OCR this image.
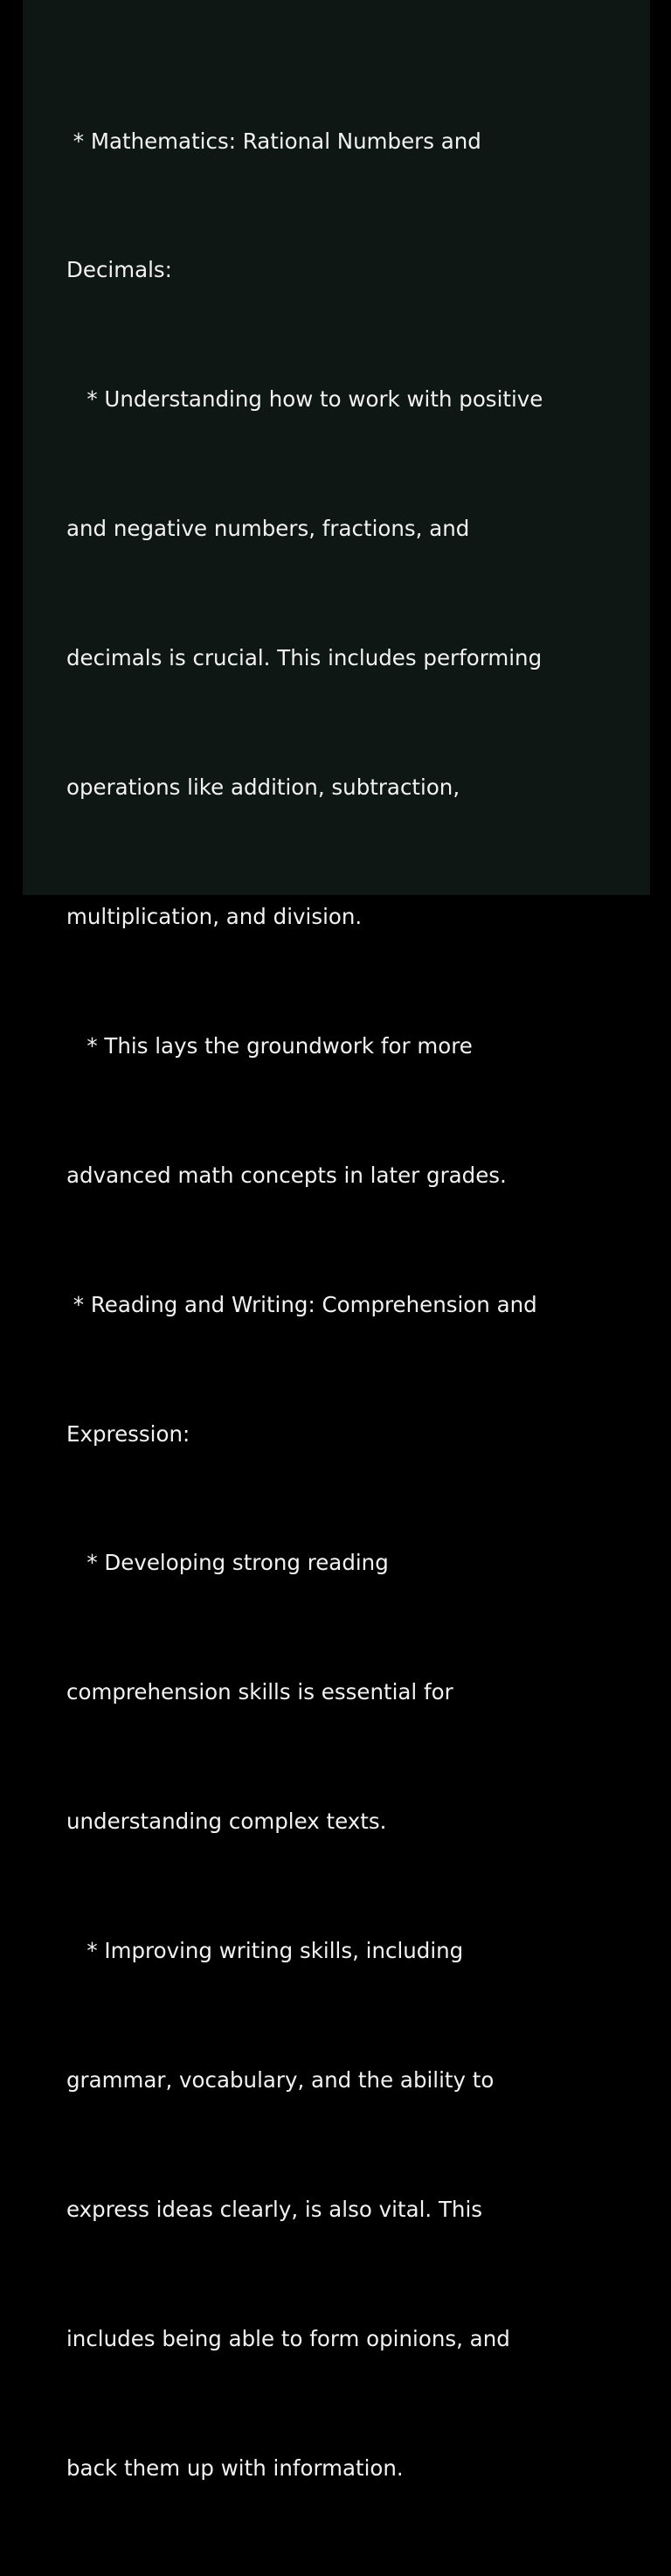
* Mathematics: Rational Numbers and

Decimals:

* Understanding how to work with positive

and negative numbers, fractions, and

decimals is crucial. This includes performing

operations like addition, subtraction,

multiplication, and division.

* This lays the groundwork for more

advanced math concepts in later grades.

* Reading and Writing: Comprehension and

Expression:

* Developing strong reading

comprehension skills is essential for

understanding complex texts.

* Improving writing skills, including

grammar, vocabulary, and the ability to

express ideas clearly, is also vital. This

includes being able to form opinions, and

back them up with information.
